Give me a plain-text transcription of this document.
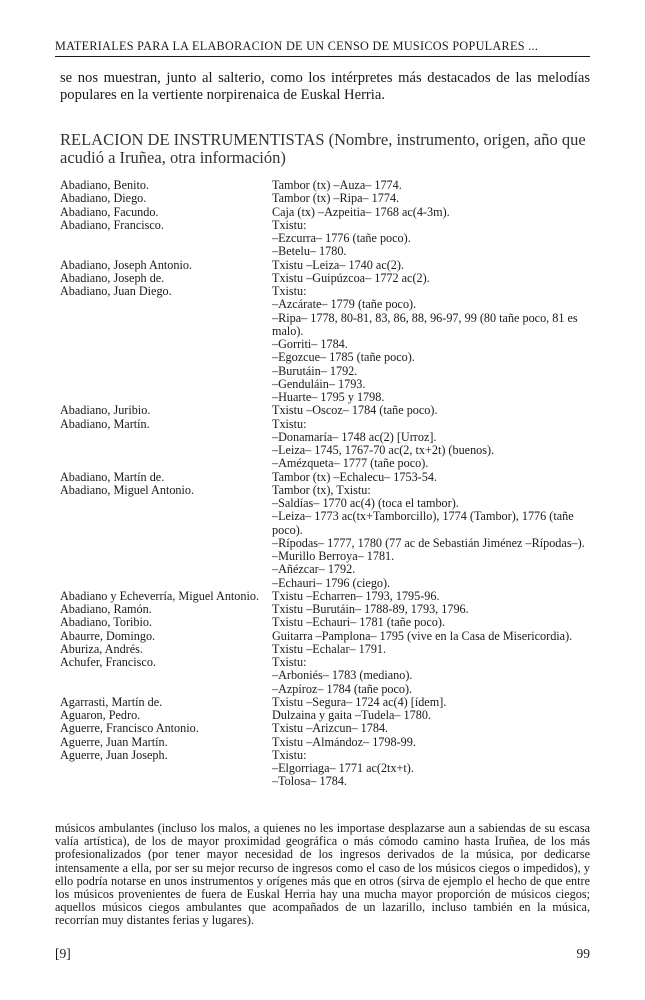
MATERIALES PARA LA ELABORACION DE UN CENSO DE MUSICOS POPULARES ...
se nos muestran, junto al salterio, como los intérpretes más destacados de las melodías populares en la vertiente norpirenaica de Euskal Herria.
RELACION DE INSTRUMENTISTAS (Nombre, instrumento, origen, año que acudió a Iruñea, otra información)
Abadiano, Benito.	Tambor (tx) –Auza– 1774.
Abadiano, Diego.	Tambor (tx) –Ripa– 1774.
Abadiano, Facundo.	Caja (tx) –Azpeitia– 1768 ac(4-3m).
Abadiano, Francisco.	Txistu:
–Ezcurra– 1776 (tañe poco).
–Betelu– 1780.
Abadiano, Joseph Antonio.	Txistu –Leiza– 1740 ac(2).
Abadiano, Joseph de.	Txistu –Guipúzcoa– 1772 ac(2).
Abadiano, Juan Diego.	Txistu:
–Azcárate– 1779 (tañe poco).
–Ripa– 1778, 80-81, 83, 86, 88, 96-97, 99 (80 tañe poco, 81 es malo).
–Gorriti– 1784.
–Egozcue– 1785 (tañe poco).
–Burutáin– 1792.
–Genduláin– 1793.
–Huarte– 1795 y 1798.
Abadiano, Juribio.	Txistu –Oscoz– 1784 (tañe poco).
Abadiano, Martín.	Txistu:
–Donamaría– 1748 ac(2) [Urroz].
–Leiza– 1745, 1767-70 ac(2, tx+2t) (buenos).
–Amézqueta– 1777 (tañe poco).
Abadiano, Martín de.	Tambor (tx) –Echalecu– 1753-54.
Abadiano, Miguel Antonio.	Tambor (tx), Txistu:
–Saldías– 1770 ac(4) (toca el tambor).
–Leiza– 1773 ac(tx+Tamborcillo), 1774 (Tambor), 1776 (tañe poco).
–Rípodas– 1777, 1780 (77 ac de Sebastián Jiménez –Rípodas–).
–Murillo Berroya– 1781.
–Añézcar– 1792.
–Echauri– 1796 (ciego).
Abadiano y Echeverría, Miguel Antonio.	Txistu –Echarren– 1793, 1795-96.
Abadiano, Ramón.	Txistu –Burutáin– 1788-89, 1793, 1796.
Abadiano, Toribio.	Txistu –Echauri– 1781 (tañe poco).
Abaurre, Domingo.	Guitarra –Pamplona– 1795 (vive en la Casa de Misericordia).
Aburiza, Andrés.	Txistu –Echalar– 1791.
Achufer, Francisco.	Txistu:
–Arboniés– 1783 (mediano).
–Azpíroz– 1784 (tañe poco).
Agarrasti, Martín de.	Txistu –Segura– 1724 ac(4) [ídem].
Aguaron, Pedro.	Dulzaina y gaita –Tudela– 1780.
Aguerre, Francisco Antonio.	Txistu –Arizcun– 1784.
Aguerre, Juan Martín.	Txistu –Almándoz– 1798-99.
Aguerre, Juan Joseph.	Txistu:
–Elgorriaga– 1771 ac(2tx+t).
–Tolosa– 1784.
músicos ambulantes (incluso los malos, a quienes no les importase desplazarse aun a sabiendas de su escasa valía artística), de los de mayor proximidad geográfica o más cómodo camino hasta Iruñea, de los más profesionalizados (por tener mayor necesidad de los ingresos derivados de la música, por dedicarse intensamente a ella, por ser su mejor recurso de ingresos como el caso de los músicos ciegos o impedidos), y ello podría notarse en unos instrumentos y orígenes más que en otros (sirva de ejemplo el hecho de que entre los músicos provenientes de fuera de Euskal Herria hay una mucha mayor proporción de músicos ciegos; aquellos músicos ciegos ambulantes que acompañados de un lazarillo, incluso también en la música, recorrían muy distantes ferias y lugares).
[9]	99
